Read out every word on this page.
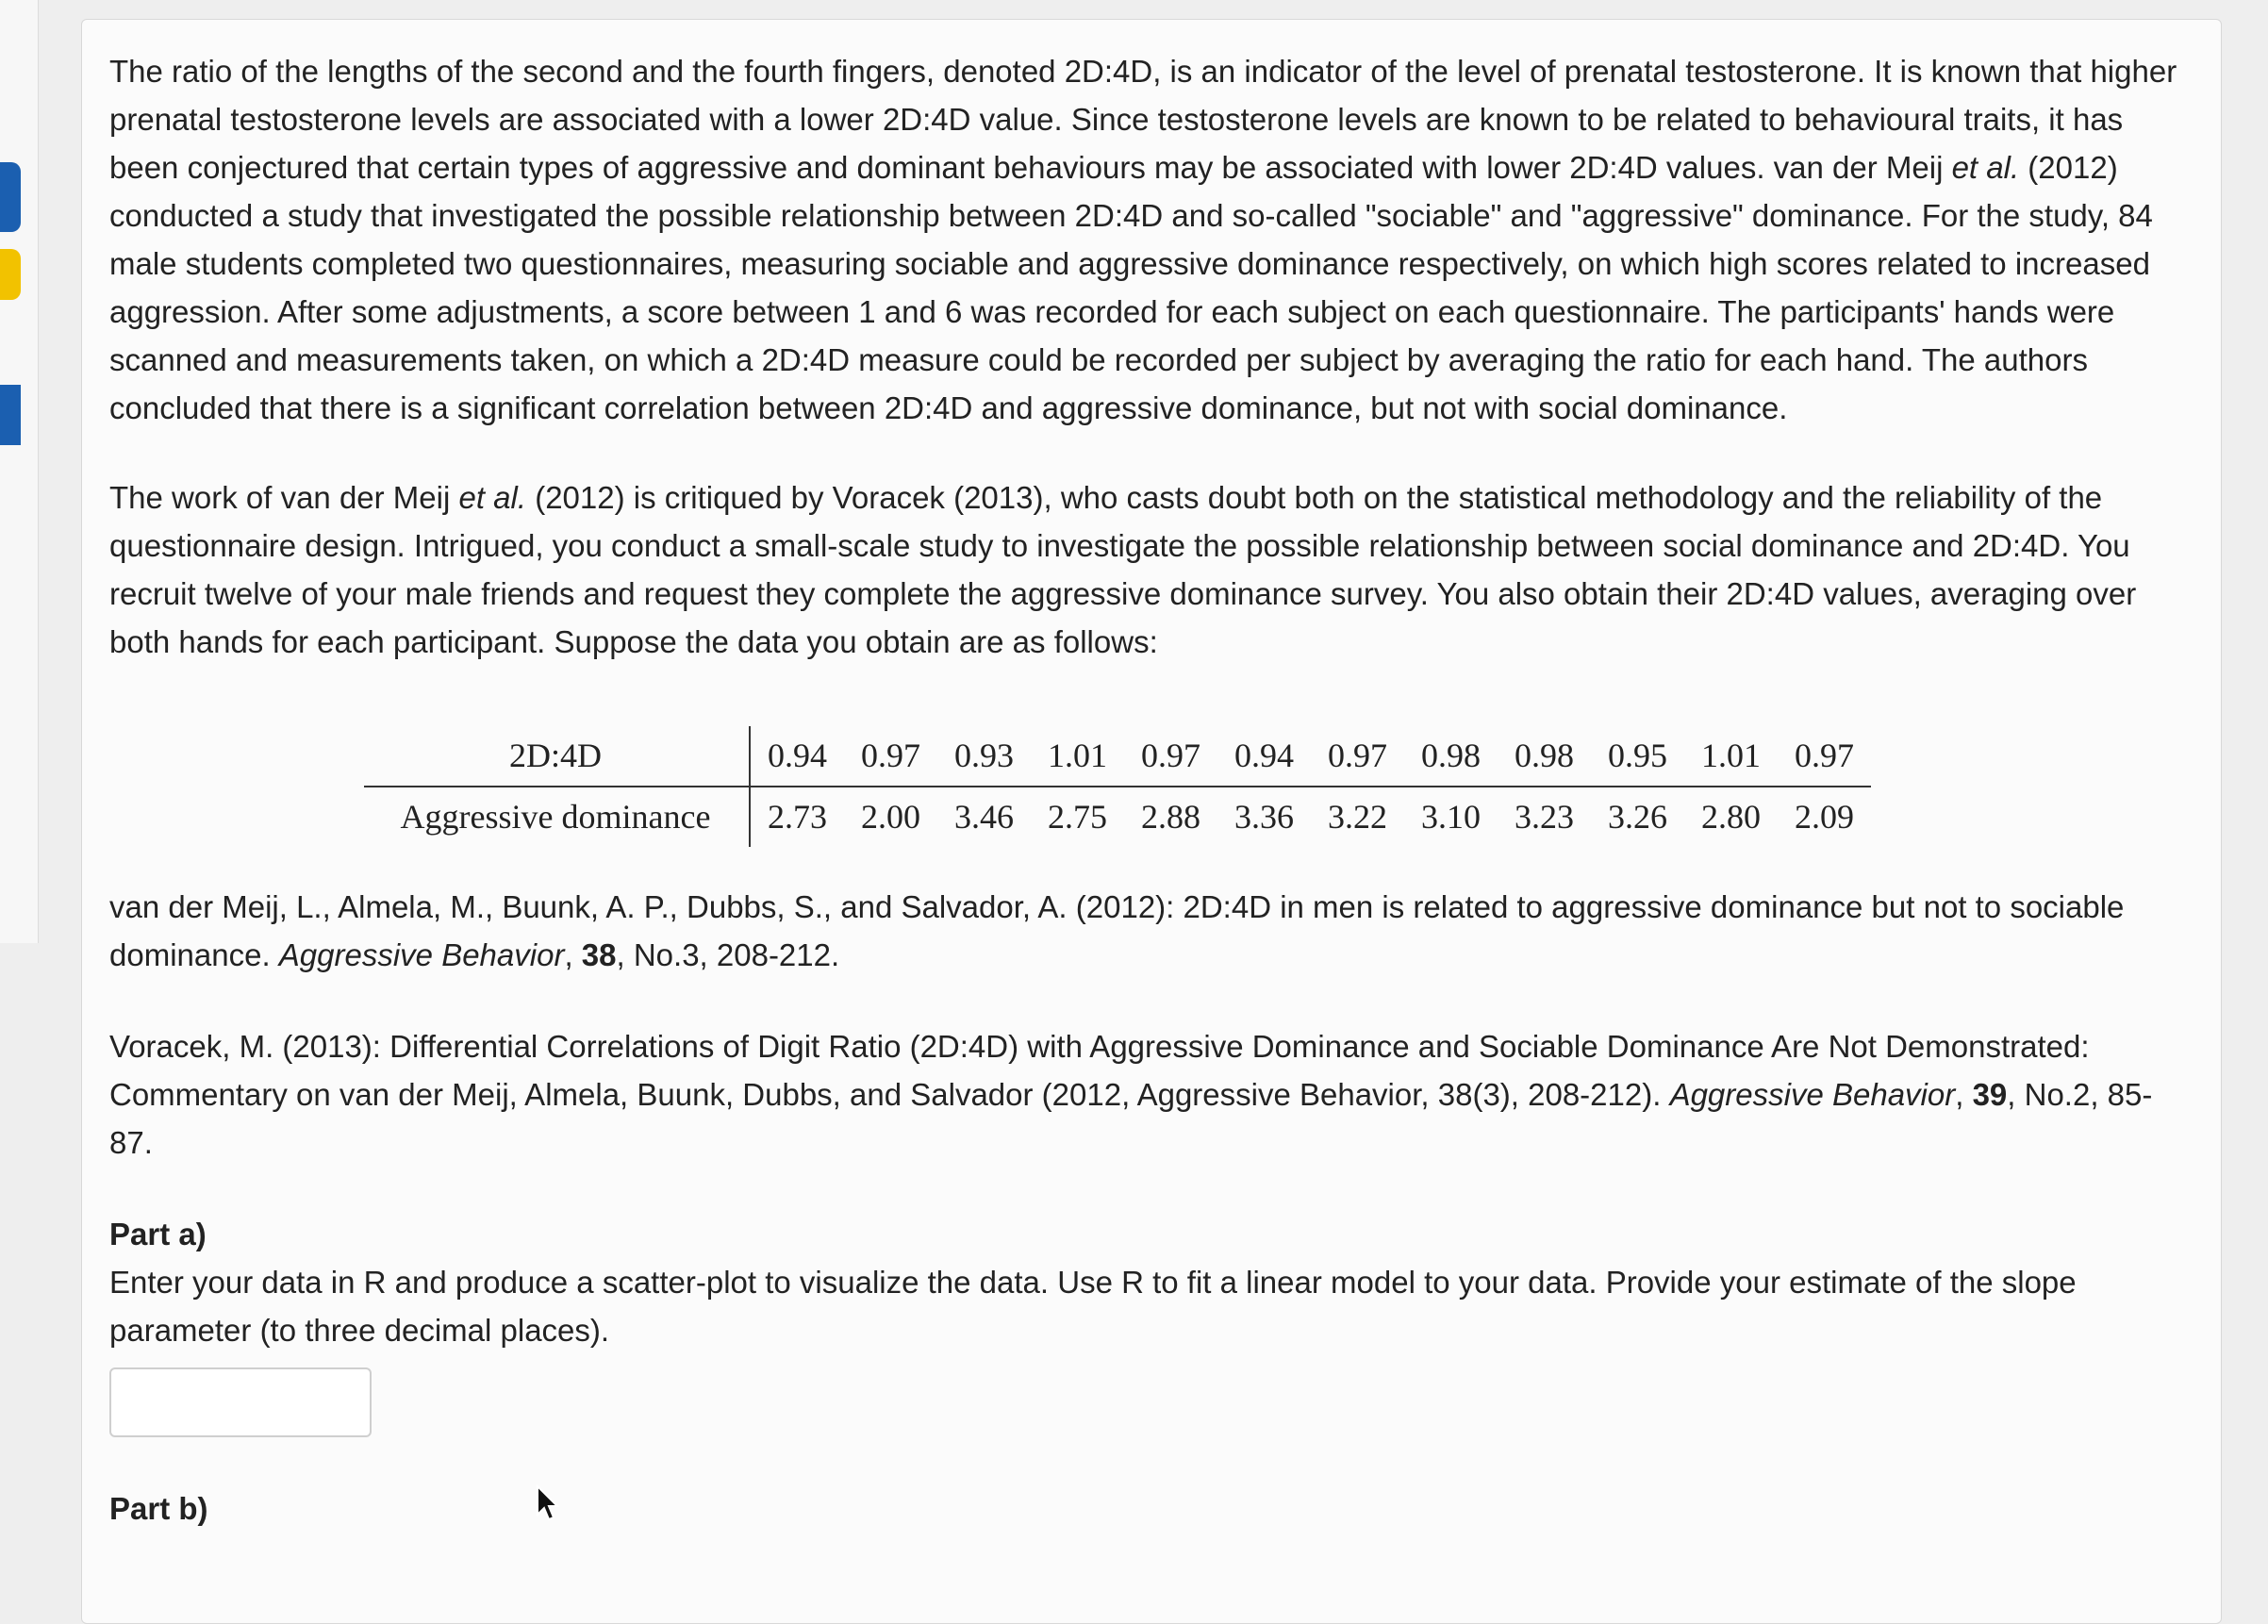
The ratio of the lengths of the second and the fourth fingers, denoted 2D:4D, is an indicator of the level of prenatal testosterone. It is known that higher prenatal testosterone levels are associated with a lower 2D:4D value. Since testosterone levels are known to be related to behavioural traits, it has been conjectured that certain types of aggressive and dominant behaviours may be associated with lower 2D:4D values. van der Meij et al. (2012) conducted a study that investigated the possible relationship between 2D:4D and so-called "sociable" and "aggressive" dominance. For the study, 84 male students completed two questionnaires, measuring sociable and aggressive dominance respectively, on which high scores related to increased aggression. After some adjustments, a score between 1 and 6 was recorded for each subject on each questionnaire. The participants' hands were scanned and measurements taken, on which a 2D:4D measure could be recorded per subject by averaging the ratio for each hand. The authors concluded that there is a significant correlation between 2D:4D and aggressive dominance, but not with social dominance.

The work of van der Meij et al. (2012) is critiqued by Voracek (2013), who casts doubt both on the statistical methodology and the reliability of the questionnaire design. Intrigued, you conduct a small-scale study to investigate the possible relationship between social dominance and 2D:4D. You recruit twelve of your male friends and request they complete the aggressive dominance survey. You also obtain their 2D:4D values, averaging over both hands for each participant. Suppose the data you obtain are as follows:

2D:4D	0.94	0.97	0.93	1.01	0.97	0.94	0.97	0.98	0.98	0.95	1.01	0.97
Aggressive dominance	2.73	2.00	3.46	2.75	2.88	3.36	3.22	3.10	3.23	3.26	2.80	2.09

van der Meij, L., Almela, M., Buunk, A. P., Dubbs, S., and Salvador, A. (2012): 2D:4D in men is related to aggressive dominance but not to sociable dominance. Aggressive Behavior, 38, No.3, 208-212.

Voracek, M. (2013): Differential Correlations of Digit Ratio (2D:4D) with Aggressive Dominance and Sociable Dominance Are Not Demonstrated: Commentary on van der Meij, Almela, Buunk, Dubbs, and Salvador (2012, Aggressive Behavior, 38(3), 208-212). Aggressive Behavior, 39, No.2, 85-87.

Part a)

Enter your data in R and produce a scatter-plot to visualize the data. Use R to fit a linear model to your data. Provide your estimate of the slope parameter (to three decimal places).

Part b)
